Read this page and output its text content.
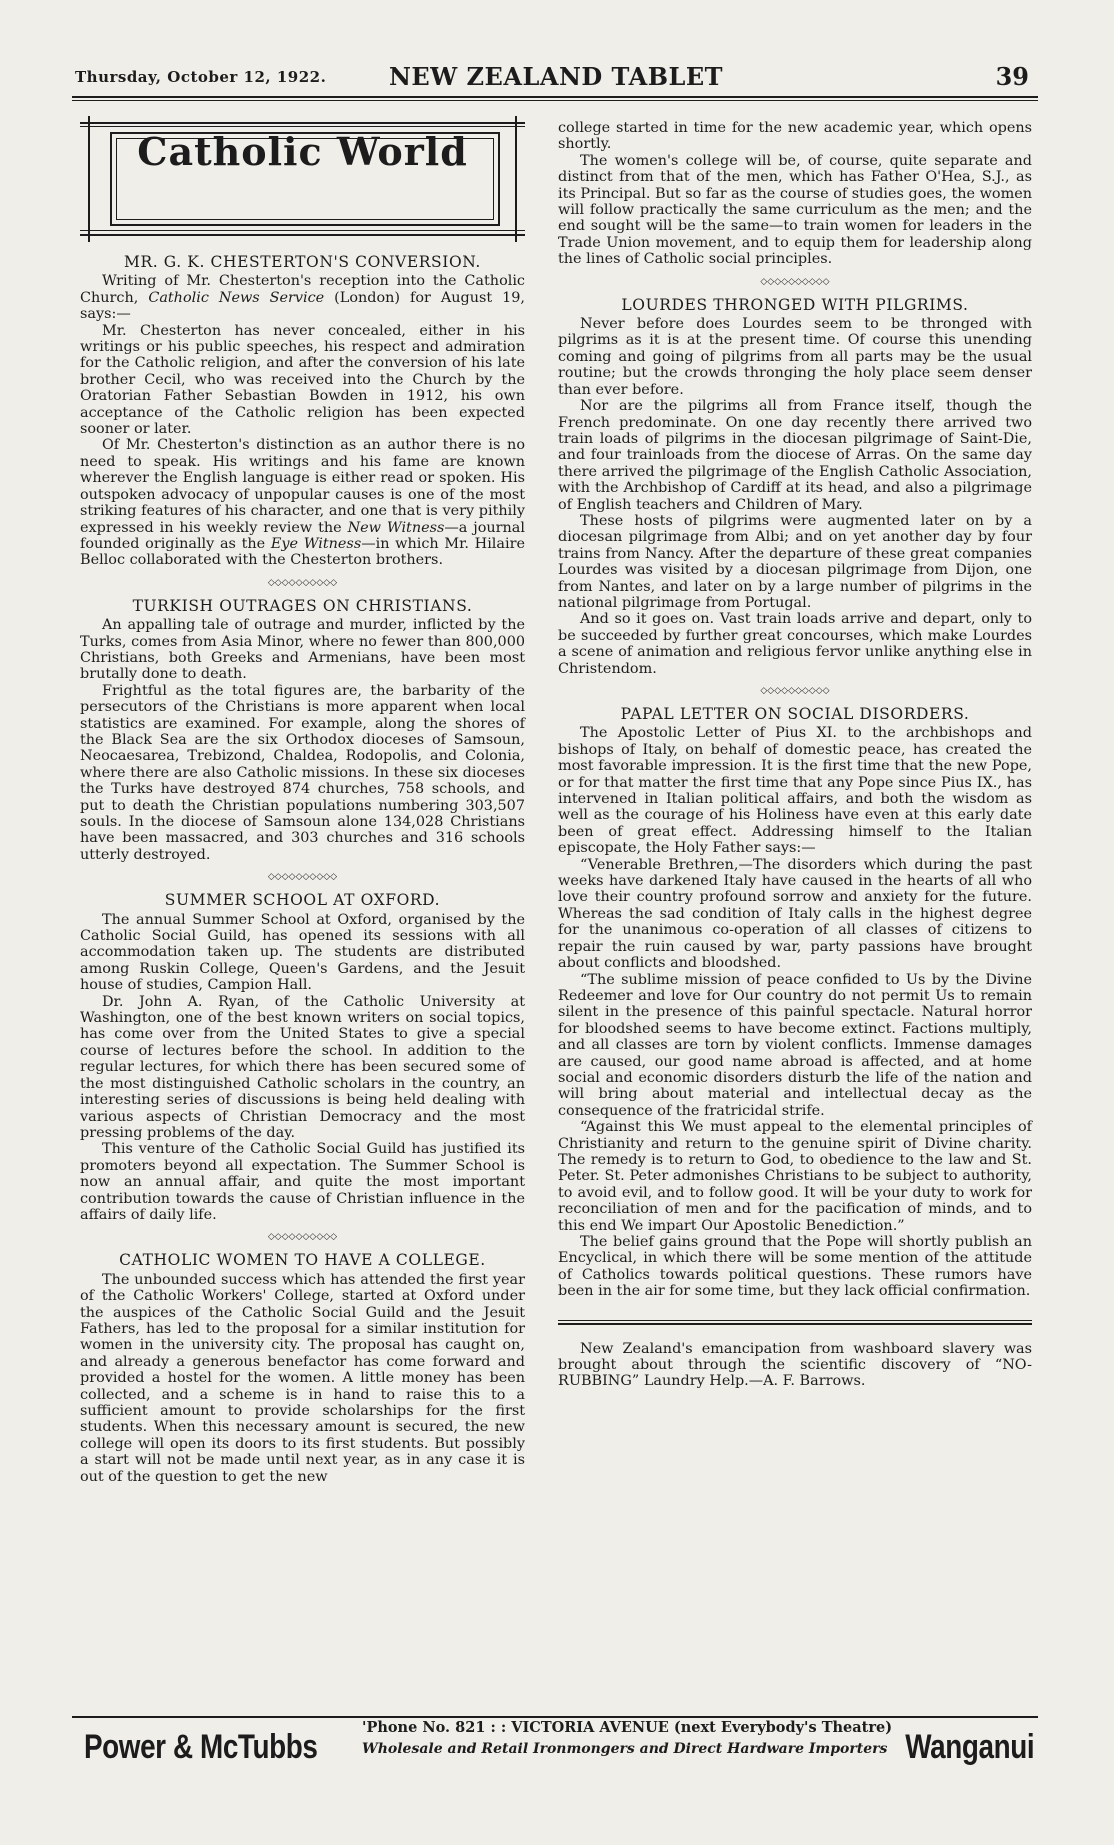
Thursday, October 12, 1922.	NEW ZEALAND TABLET	39
Catholic World
MR. G. K. CHESTERTON'S CONVERSION.

Writing of Mr. Chesterton's reception into the Catholic Church, Catholic News Service (London) for August 19, says:—

Mr. Chesterton has never concealed, either in his writings or his public speeches, his respect and admiration for the Catholic religion, and after the conversion of his late brother Cecil, who was received into the Church by the Oratorian Father Sebastian Bowden in 1912, his own acceptance of the Catholic religion has been expected sooner or later.

Of Mr. Chesterton's distinction as an author there is no need to speak. His writings and his fame are known wherever the English language is either read or spoken. His outspoken advocacy of unpopular causes is one of the most striking features of his character, and one that is very pithily expressed in his weekly review the New Witness—a journal founded originally as the Eye Witness—in which Mr. Hilaire Belloc collaborated with the Chesterton brothers.

◇◇◇◇◇◇◇◇◇◇
TURKISH OUTRAGES ON CHRISTIANS.

An appalling tale of outrage and murder, inflicted by the Turks, comes from Asia Minor, where no fewer than 800,000 Christians, both Greeks and Armenians, have been most brutally done to death.

Frightful as the total figures are, the barbarity of the persecutors of the Christians is more apparent when local statistics are examined. For example, along the shores of the Black Sea are the six Orthodox dioceses of Samsoun, Neocaesarea, Trebizond, Chaldea, Rodopolis, and Colonia, where there are also Catholic missions. In these six dioceses the Turks have destroyed 874 churches, 758 schools, and put to death the Christian populations numbering 303,507 souls. In the diocese of Samsoun alone 134,028 Christians have been massacred, and 303 churches and 316 schools utterly destroyed.

◇◇◇◇◇◇◇◇◇◇
SUMMER SCHOOL AT OXFORD.

The annual Summer School at Oxford, organised by the Catholic Social Guild, has opened its sessions with all accommodation taken up. The students are distributed among Ruskin College, Queen's Gardens, and the Jesuit house of studies, Campion Hall.

Dr. John A. Ryan, of the Catholic University at Washington, one of the best known writers on social topics, has come over from the United States to give a special course of lectures before the school. In addition to the regular lectures, for which there has been secured some of the most distinguished Catholic scholars in the country, an interesting series of discussions is being held dealing with various aspects of Christian Democracy and the most pressing problems of the day.

This venture of the Catholic Social Guild has justified its promoters beyond all expectation. The Summer School is now an annual affair, and quite the most important contribution towards the cause of Christian influence in the affairs of daily life.

◇◇◇◇◇◇◇◇◇◇
CATHOLIC WOMEN TO HAVE A COLLEGE.

The unbounded success which has attended the first year of the Catholic Workers' College, started at Oxford under the auspices of the Catholic Social Guild and the Jesuit Fathers, has led to the proposal for a similar institution for women in the university city. The proposal has caught on, and already a generous benefactor has come forward and provided a hostel for the women. A little money has been collected, and a scheme is in hand to raise this to a sufficient amount to provide scholarships for the first students. When this necessary amount is secured, the new college will open its doors to its first students. But possibly a start will not be made until next year, as in any case it is out of the question to get the new

college started in time for the new academic year, which opens shortly.

The women's college will be, of course, quite separate and distinct from that of the men, which has Father O'Hea, S.J., as its Principal. But so far as the course of studies goes, the women will follow practically the same curriculum as the men; and the end sought will be the same—to train women for leaders in the Trade Union movement, and to equip them for leadership along the lines of Catholic social principles.

◇◇◇◇◇◇◇◇◇◇
LOURDES THRONGED WITH PILGRIMS.

Never before does Lourdes seem to be thronged with pilgrims as it is at the present time. Of course this unending coming and going of pilgrims from all parts may be the usual routine; but the crowds thronging the holy place seem denser than ever before.

Nor are the pilgrims all from France itself, though the French predominate. On one day recently there arrived two train loads of pilgrims in the diocesan pilgrimage of Saint-Die, and four trainloads from the diocese of Arras. On the same day there arrived the pilgrimage of the English Catholic Association, with the Archbishop of Cardiff at its head, and also a pilgrimage of English teachers and Children of Mary.

These hosts of pilgrims were augmented later on by a diocesan pilgrimage from Albi; and on yet another day by four trains from Nancy. After the departure of these great companies Lourdes was visited by a diocesan pilgrimage from Dijon, one from Nantes, and later on by a large number of pilgrims in the national pilgrimage from Portugal.

And so it goes on. Vast train loads arrive and depart, only to be succeeded by further great concourses, which make Lourdes a scene of animation and religious fervor unlike anything else in Christendom.

◇◇◇◇◇◇◇◇◇◇
PAPAL LETTER ON SOCIAL DISORDERS.

The Apostolic Letter of Pius XI. to the archbishops and bishops of Italy, on behalf of domestic peace, has created the most favorable impression. It is the first time that the new Pope, or for that matter the first time that any Pope since Pius IX., has intervened in Italian political affairs, and both the wisdom as well as the courage of his Holiness have even at this early date been of great effect. Addressing himself to the Italian episcopate, the Holy Father says:—

“Venerable Brethren,—The disorders which during the past weeks have darkened Italy have caused in the hearts of all who love their country profound sorrow and anxiety for the future. Whereas the sad condition of Italy calls in the highest degree for the unanimous co-operation of all classes of citizens to repair the ruin caused by war, party passions have brought about conflicts and bloodshed.

“The sublime mission of peace confided to Us by the Divine Redeemer and love for Our country do not permit Us to remain silent in the presence of this painful spectacle. Natural horror for bloodshed seems to have become extinct. Factions multiply, and all classes are torn by violent conflicts. Immense damages are caused, our good name abroad is affected, and at home social and economic disorders disturb the life of the nation and will bring about material and intellectual decay as the consequence of the fratricidal strife.

“Against this We must appeal to the elemental principles of Christianity and return to the genuine spirit of Divine charity. The remedy is to return to God, to obedience to the law and St. Peter. St. Peter admonishes Christians to be subject to authority, to avoid evil, and to follow good. It will be your duty to work for reconciliation of men and for the pacification of minds, and to this end We impart Our Apostolic Benediction.”

The belief gains ground that the Pope will shortly publish an Encyclical, in which there will be some mention of the attitude of Catholics towards political questions. These rumors have been in the air for some time, but they lack official confirmation.

New Zealand's emancipation from washboard slavery was brought about through the scientific discovery of “NO-RUBBING” Laundry Help.—A. F. Barrows.

Power & McTubbs
'Phone No. 821 : : VICTORIA AVENUE (next Everybody's Theatre)
Wholesale and Retail Ironmongers and Direct Hardware Importers Wanganui
